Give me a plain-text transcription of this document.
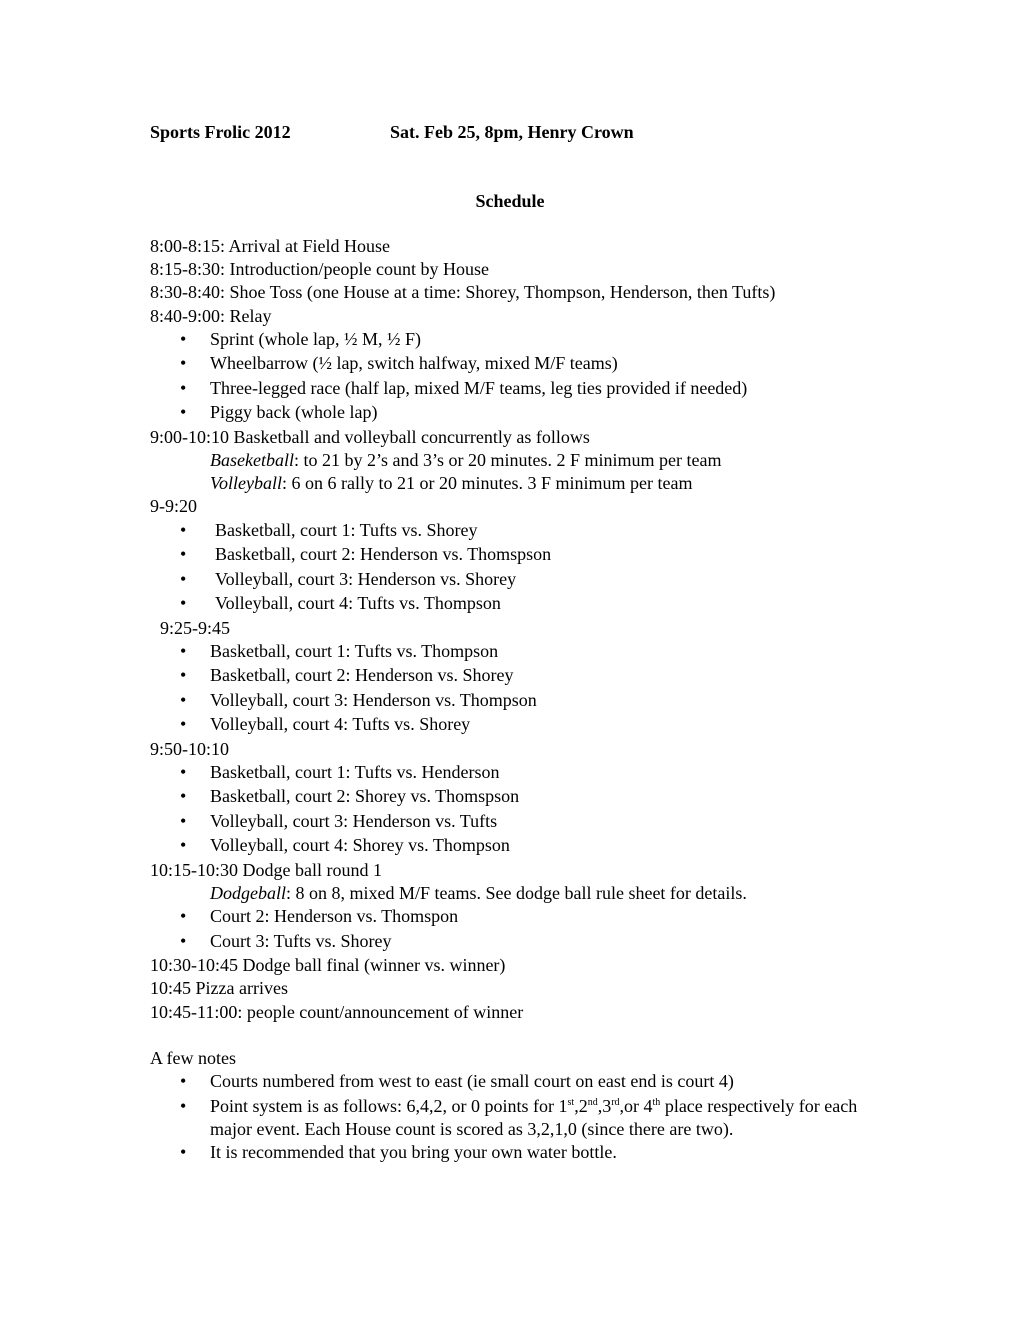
Sports Frolic 2012	Sat. Feb 25, 8pm, Henry Crown
Schedule
8:00-8:15: Arrival at Field House
8:15-8:30: Introduction/people count by House
8:30-8:40: Shoe Toss (one House at a time: Shorey, Thompson, Henderson, then Tufts)
8:40-9:00: Relay
• Sprint (whole lap, ½ M, ½ F)
• Wheelbarrow (½ lap, switch halfway, mixed M/F teams)
• Three-legged race (half lap, mixed M/F teams, leg ties provided if needed)
• Piggy back (whole lap)
9:00-10:10 Basketball and volleyball concurrently as follows
Baseketball: to 21 by 2’s and 3’s or 20 minutes. 2 F minimum per team
Volleyball: 6 on 6 rally to 21 or 20 minutes. 3 F minimum per team
9-9:20
• Basketball, court 1: Tufts vs. Shorey
• Basketball, court 2: Henderson vs. Thomspson
• Volleyball, court 3: Henderson vs. Shorey
• Volleyball, court 4: Tufts vs. Thompson
9:25-9:45
• Basketball, court 1: Tufts vs. Thompson
• Basketball, court 2: Henderson vs. Shorey
• Volleyball, court 3: Henderson vs. Thompson
• Volleyball, court 4: Tufts vs. Shorey
9:50-10:10
• Basketball, court 1: Tufts vs. Henderson
• Basketball, court 2: Shorey vs. Thomspson
• Volleyball, court 3: Henderson vs. Tufts
• Volleyball, court 4: Shorey vs. Thompson
10:15-10:30 Dodge ball round 1
Dodgeball: 8 on 8, mixed M/F teams. See dodge ball rule sheet for details.
• Court 2: Henderson vs. Thomspon
• Court 3: Tufts vs. Shorey
10:30-10:45 Dodge ball final (winner vs. winner)
10:45 Pizza arrives
10:45-11:00: people count/announcement of winner
A few notes
• Courts numbered from west to east (ie small court on east end is court 4)
• Point system is as follows: 6,4,2, or 0 points for 1st,2nd,3rd,or 4th place respectively for each major event. Each House count is scored as 3,2,1,0 (since there are two).
• It is recommended that you bring your own water bottle.
